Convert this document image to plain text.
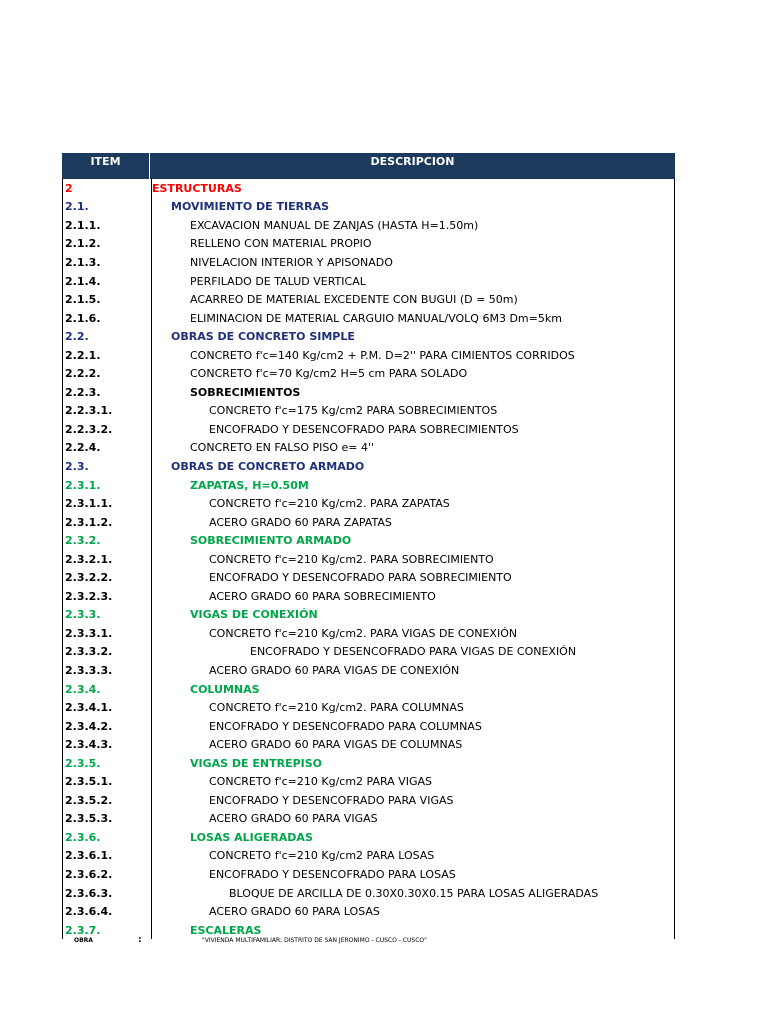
ITEM	DESCRIPCION
2	ESTRUCTURAS
2.1.	MOVIMIENTO DE TIERRAS
2.1.1.	EXCAVACION MANUAL DE ZANJAS (HASTA H=1.50m)
2.1.2.	RELLENO CON MATERIAL PROPIO
2.1.3.	NIVELACION INTERIOR Y APISONADO
2.1.4.	PERFILADO DE TALUD VERTICAL
2.1.5.	ACARREO DE MATERIAL EXCEDENTE CON BUGUI (D = 50m)
2.1.6.	ELIMINACION DE MATERIAL CARGUIO MANUAL/VOLQ 6M3 Dm=5km
2.2.	OBRAS DE CONCRETO SIMPLE
2.2.1.	CONCRETO f'c=140 Kg/cm2 + P.M. D=2'' PARA CIMIENTOS CORRIDOS
2.2.2.	CONCRETO f'c=70 Kg/cm2 H=5 cm PARA SOLADO
2.2.3.	SOBRECIMIENTOS
2.2.3.1.	CONCRETO f'c=175 Kg/cm2 PARA SOBRECIMIENTOS
2.2.3.2.	ENCOFRADO Y DESENCOFRADO PARA SOBRECIMIENTOS
2.2.4.	CONCRETO EN FALSO PISO e= 4''
2.3.	OBRAS DE CONCRETO ARMADO
2.3.1.	ZAPATAS, H=0.50M
2.3.1.1.	CONCRETO f'c=210 Kg/cm2. PARA ZAPATAS
2.3.1.2.	ACERO GRADO 60 PARA ZAPATAS
2.3.2.	SOBRECIMIENTO ARMADO
2.3.2.1.	CONCRETO f'c=210 Kg/cm2. PARA SOBRECIMIENTO
2.3.2.2.	ENCOFRADO Y DESENCOFRADO PARA SOBRECIMIENTO
2.3.2.3.	ACERO GRADO 60 PARA SOBRECIMIENTO
2.3.3.	VIGAS DE CONEXIÓN
2.3.3.1.	CONCRETO f'c=210 Kg/cm2. PARA VIGAS DE CONEXIÓN
2.3.3.2.	ENCOFRADO Y DESENCOFRADO PARA VIGAS DE CONEXIÓN
2.3.3.3.	ACERO GRADO 60 PARA VIGAS DE CONEXIÓN
2.3.4.	COLUMNAS
2.3.4.1.	CONCRETO f'c=210 Kg/cm2. PARA COLUMNAS
2.3.4.2.	ENCOFRADO Y DESENCOFRADO PARA COLUMNAS
2.3.4.3.	ACERO GRADO 60 PARA VIGAS DE COLUMNAS
2.3.5.	VIGAS DE ENTREPISO
2.3.5.1.	CONCRETO f'c=210 Kg/cm2 PARA VIGAS
2.3.5.2.	ENCOFRADO Y DESENCOFRADO PARA VIGAS
2.3.5.3.	ACERO GRADO 60 PARA VIGAS
2.3.6.	LOSAS ALIGERADAS
2.3.6.1.	CONCRETO f'c=210 Kg/cm2 PARA LOSAS
2.3.6.2.	ENCOFRADO Y DESENCOFRADO PARA LOSAS
2.3.6.3.	BLOQUE DE ARCILLA DE 0.30X0.30X0.15 PARA LOSAS ALIGERADAS
2.3.6.4.	ACERO GRADO 60 PARA LOSAS
2.3.7.	ESCALERAS
OBRA	:	"VIVIENDA MULTIFAMILIAR; DISTRITO DE SAN JERONIMO - CUSCO - CUSCO"
